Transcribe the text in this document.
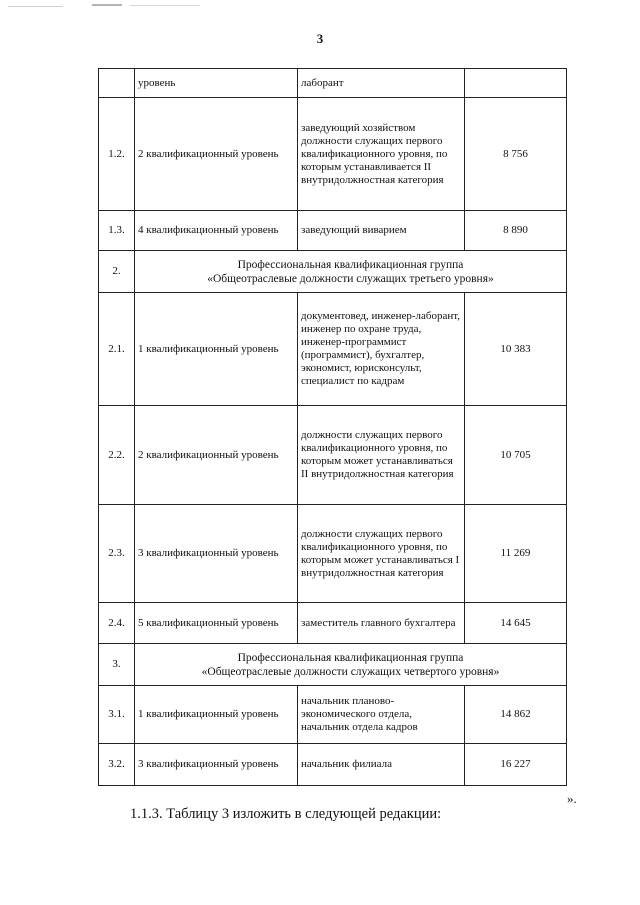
3
	уровень	лаборант	
1.2.	2 квалификационный уровень	заведующий хозяйством должности служащих первого квалификационного уровня, по которым устанавливается II внутридолжностная категория	8 756
1.3.	4 квалификационный уровень	заведующий виварием	8 890
2.	Профессиональная квалификационная группа
«Общеотраслевые должности служащих третьего уровня»		

2.1.	1 квалификационный уровень	документовед, инженер-лаборант, инженер по охране труда, инженер-программист (программист), бухгалтер, экономист, юрисконсульт, специалист по кадрам	10 383
2.2.	2 квалификационный уровень	должности служащих первого квалификационного уровня, по которым может устанавливаться II внутридолжностная категория	10 705
2.3.	3 квалификационный уровень	должности служащих первого квалификационного уровня, по которым может устанавливаться I внутридолжностная категория	11 269
2.4.	5 квалификационный уровень	заместитель главного бухгалтера	14 645
3.	Профессиональная квалификационная группа
«Общеотраслевые должности служащих четвертого уровня»		

3.1.	1 квалификационный уровень	начальник планово-экономического отдела, начальник отдела кадров	14 862
3.2.	3 квалификационный уровень	начальник филиала	16 227
».
1.1.3. Таблицу 3 изложить в следующей редакции:
